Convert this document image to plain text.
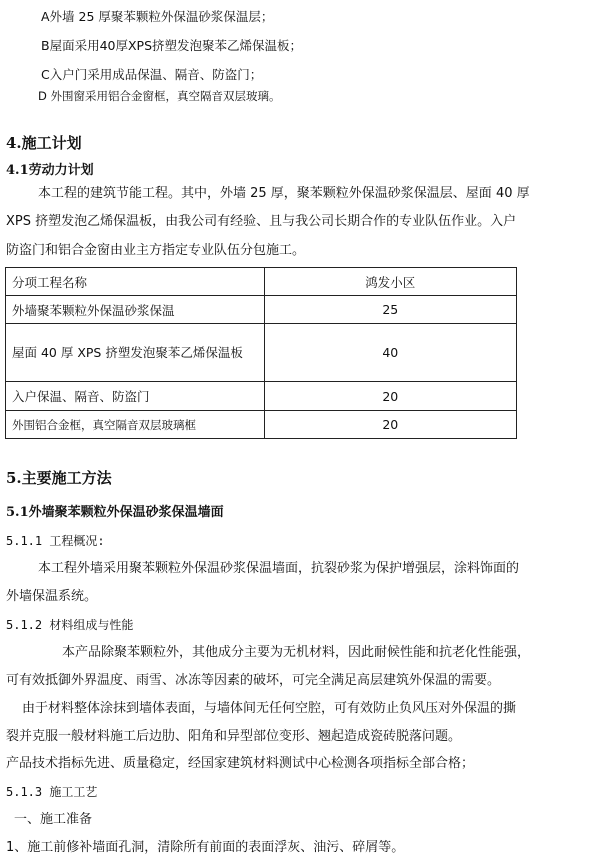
A外墙 25 厚聚苯颗粒外保温砂浆保温层；
B屋面采用40厚XPS挤塑发泡聚苯乙烯保温板；
C入户门采用成品保温、隔音、防盗门；
D 外围窗采用铝合金窗框，真空隔音双层玻璃。
4.施工计划
4.1劳动力计划
本工程的建筑节能工程。其中，外墙 25 厚，聚苯颗粒外保温砂浆保温层、屋面 40 厚
XPS 挤塑发泡乙烯保温板，由我公司有经验、且与我公司长期合作的专业队伍作业。入户
防盗门和铝合金窗由业主方指定专业队伍分包施工。
分项工程名称	鸿发小区
外墙聚苯颗粒外保温砂浆保温	25
屋面 40 厚 XPS 挤塑发泡聚苯乙烯保温板	40
入户保温、隔音、防盗门	20
外围铝合金框，真空隔音双层玻璃框	20
5.主要施工方法
5.1外墙聚苯颗粒外保温砂浆保温墙面
5.1.1 工程概况:
本工程外墙采用聚苯颗粒外保温砂浆保温墙面，抗裂砂浆为保护增强层，涂料饰面的
外墙保温系统。
5.1.2 材料组成与性能
本产品除聚苯颗粒外，其他成分主要为无机材料，因此耐候性能和抗老化性能强，
可有效抵御外界温度、雨雪、冰冻等因素的破坏，可完全满足高层建筑外保温的需要。
由于材料整体涂抹到墙体表面，与墙体间无任何空腔，可有效防止负风压对外保温的撕
裂并克服一般材料施工后边肋、阳角和异型部位变形、翘起造成瓷砖脱落问题。
产品技术指标先进、质量稳定，经国家建筑材料测试中心检测各项指标全部合格；
5.1.3 施工工艺
一、施工准备
1、施工前修补墙面孔洞，清除所有前面的表面浮灰、油污、碎屑等。
